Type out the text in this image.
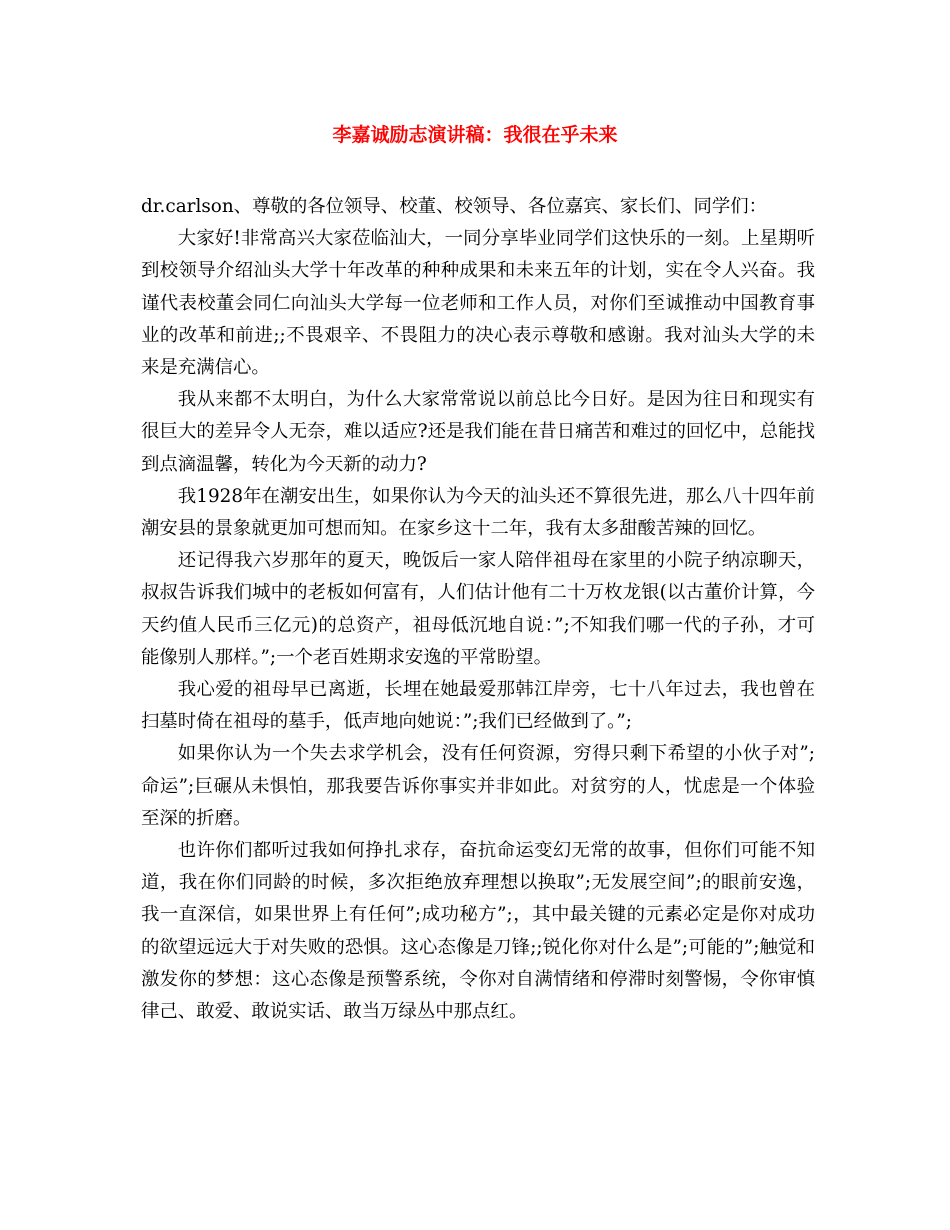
李嘉诚励志演讲稿：我很在乎未来

dr.carlson、尊敬的各位领导、校董、校领导、各位嘉宾、家长们、同学们：

大家好!非常高兴大家莅临汕大，一同分享毕业同学们这快乐的一刻。上星期听到校领导介绍汕头大学十年改革的种种成果和未来五年的计划，实在令人兴奋。我谨代表校董会同仁向汕头大学每一位老师和工作人员，对你们至诚推动中国教育事业的改革和前进;;不畏艰辛、不畏阻力的决心表示尊敬和感谢。我对汕头大学的未来是充满信心。

我从来都不太明白，为什么大家常常说以前总比今日好。是因为往日和现实有很巨大的差异令人无奈，难以适应?还是我们能在昔日痛苦和难过的回忆中，总能找到点滴温馨，转化为今天新的动力?

我1928年在潮安出生，如果你认为今天的汕头还不算很先进，那么八十四年前潮安县的景象就更加可想而知。在家乡这十二年，我有太多甜酸苦辣的回忆。

还记得我六岁那年的夏天，晚饭后一家人陪伴祖母在家里的小院子纳凉聊天，叔叔告诉我们城中的老板如何富有，人们估计他有二十万枚龙银(以古董价计算，今天约值人民币三亿元)的总资产，祖母低沉地自说：”;不知我们哪一代的子孙，才可能像别人那样。”;一个老百姓期求安逸的平常盼望。

我心爱的祖母早已离逝，长埋在她最爱那韩江岸旁，七十八年过去，我也曾在扫墓时倚在祖母的墓手，低声地向她说：”;我们已经做到了。”;

如果你认为一个失去求学机会，没有任何资源，穷得只剩下希望的小伙子对”;命运”;巨碾从未惧怕，那我要告诉你事实并非如此。对贫穷的人，忧虑是一个体验至深的折磨。

也许你们都听过我如何挣扎求存，奋抗命运变幻无常的故事，但你们可能不知道，我在你们同龄的时候，多次拒绝放弃理想以换取”;无发展空间”;的眼前安逸，我一直深信，如果世界上有任何”;成功秘方”;，其中最关键的元素必定是你对成功的欲望远远大于对失败的恐惧。这心态像是刀锋;;锐化你对什么是”;可能的”;触觉和激发你的梦想：这心态像是预警系统，令你对自满情绪和停滞时刻警惕，令你审慎律己、敢爱、敢说实话、敢当万绿丛中那点红。
